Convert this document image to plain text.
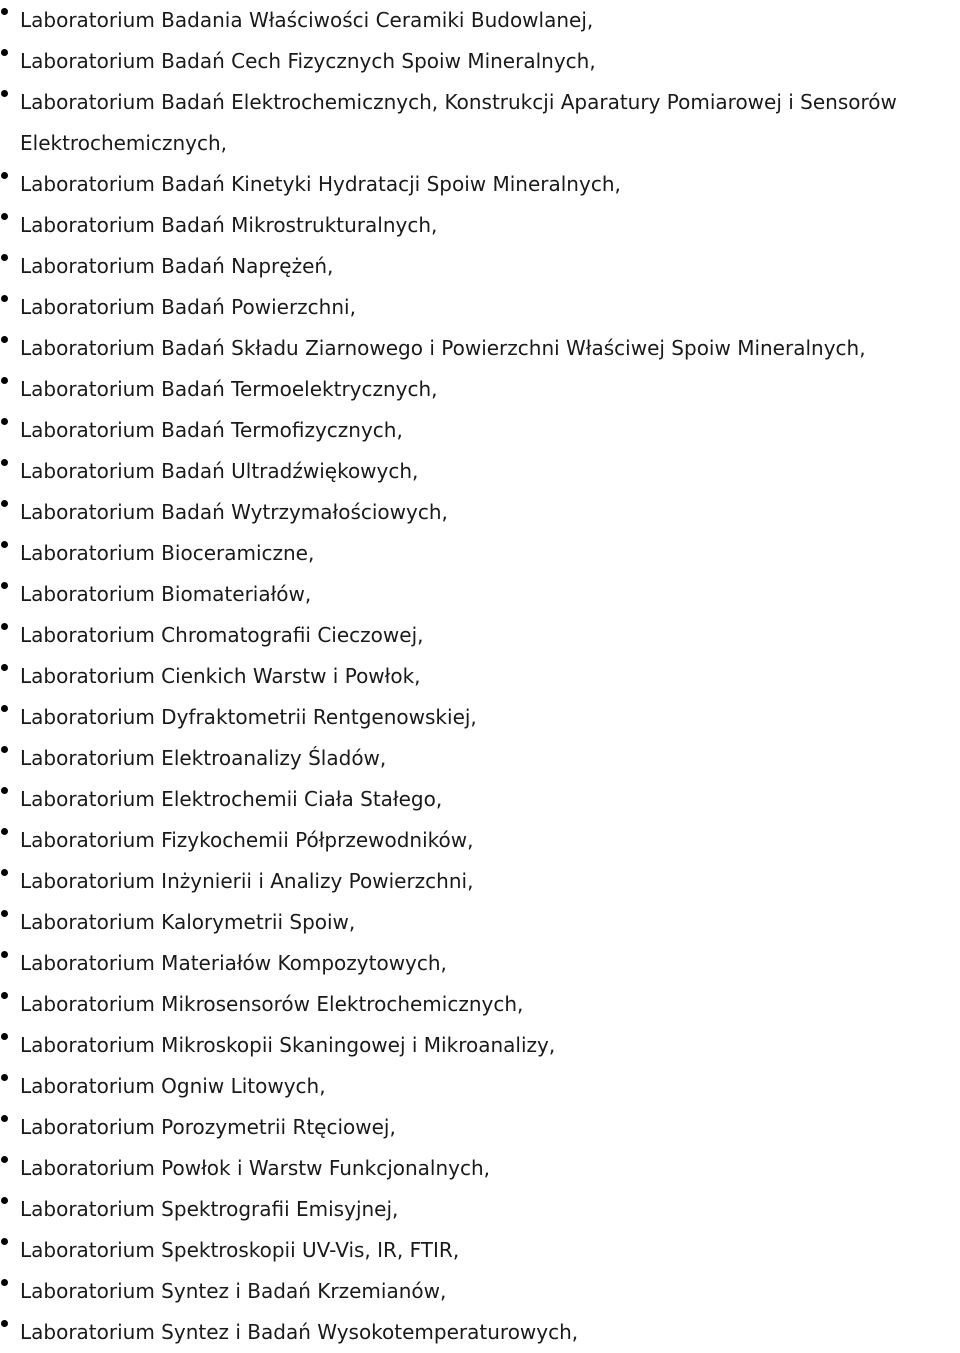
Laboratorium Badania Właściwości Ceramiki Budowlanej,
Laboratorium Badań Cech Fizycznych Spoiw Mineralnych,
Laboratorium Badań Elektrochemicznych, Konstrukcji Aparatury Pomiarowej i Sensorów Elektrochemicznych,
Laboratorium Badań Kinetyki Hydratacji Spoiw Mineralnych,
Laboratorium Badań Mikrostrukturalnych,
Laboratorium Badań Naprężeń,
Laboratorium Badań Powierzchni,
Laboratorium Badań Składu Ziarnowego i Powierzchni Właściwej Spoiw Mineralnych,
Laboratorium Badań Termoelektrycznych,
Laboratorium Badań Termofizycznych,
Laboratorium Badań Ultradźwiękowych,
Laboratorium Badań Wytrzymałościowych,
Laboratorium Bioceramiczne,
Laboratorium Biomateriałów,
Laboratorium Chromatografii Cieczowej,
Laboratorium Cienkich Warstw i Powłok,
Laboratorium Dyfraktometrii Rentgenowskiej,
Laboratorium Elektroanalizy Śladów,
Laboratorium Elektrochemii Ciała Stałego,
Laboratorium Fizykochemii Półprzewodników,
Laboratorium Inżynierii i Analizy Powierzchni,
Laboratorium Kalorymetrii Spoiw,
Laboratorium Materiałów Kompozytowych,
Laboratorium Mikrosensorów Elektrochemicznych,
Laboratorium Mikroskopii Skaningowej i Mikroanalizy,
Laboratorium Ogniw Litowych,
Laboratorium Porozymetrii Rtęciowej,
Laboratorium Powłok i Warstw Funkcjonalnych,
Laboratorium Spektrografii Emisyjnej,
Laboratorium Spektroskopii UV-Vis, IR, FTIR,
Laboratorium Syntez i Badań Krzemianów,
Laboratorium Syntez i Badań Wysokotemperaturowych,
